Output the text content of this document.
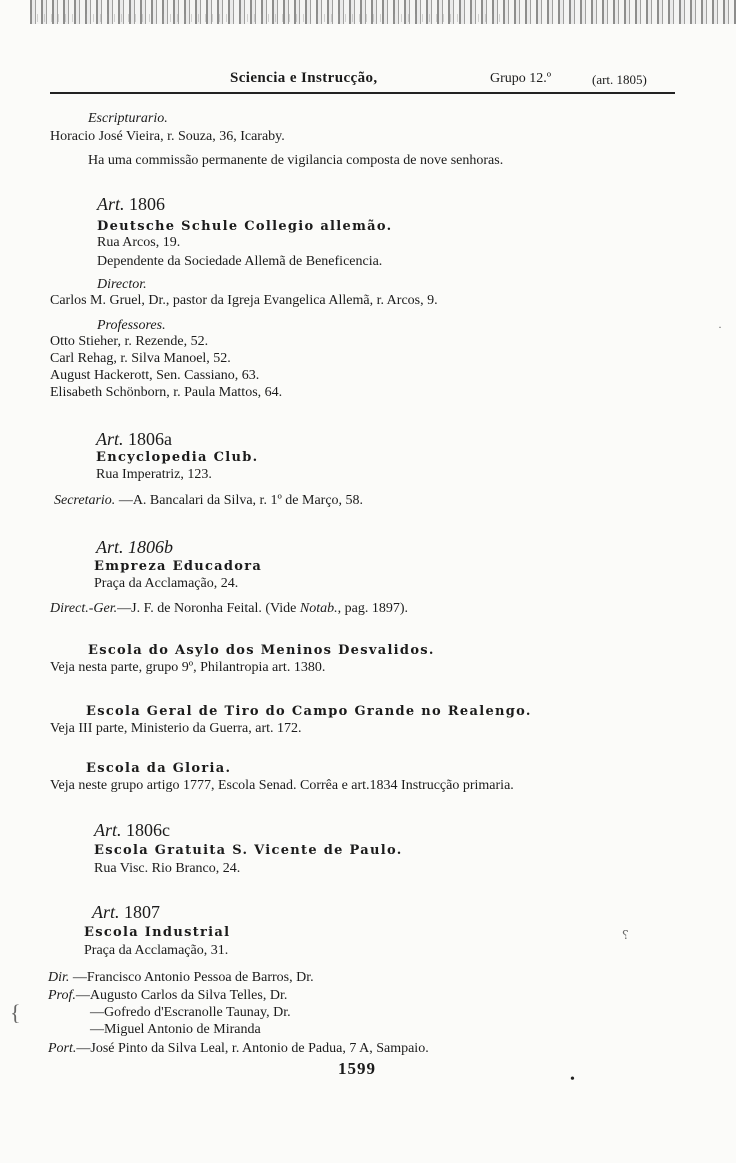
Sciencia e Instrucção,	Grupo 12.º	(art. 1805)
Escripturario.
Horacio José Vieira, r. Souza, 36, Icaraby.
Ha uma commissão permanente de vigilancia composta de nove senhoras.
Art. 1806
Deutsche Schule Collegio allemão.
Rua Arcos, 19.
Dependente da Sociedade Allemã de Beneficencia.
Director.
Carlos M. Gruel, Dr., pastor da Igreja Evangelica Allemã, r. Arcos, 9.
Professores.
Otto Stieher, r. Rezende, 52.
Carl Rehag, r. Silva Manoel, 52.
August Hackerott, Sen. Cassiano, 63.
Elisabeth Schönborn, r. Paula Mattos, 64.
Art. 1806a
Encyclopedia Club.
Rua Imperatriz, 123.
Secretario. —A. Bancalari da Silva, r. 1º de Março, 58.
Art. 1806b
Empreza Educadora
Praça da Acclamação, 24.
Direct.-Ger.—J. F. de Noronha Feital. (Vide Notab., pag. 1897).
Escola do Asylo dos Meninos Desvalidos.
Veja nesta parte, grupo 9º, Philantropia art. 1380.
Escola Geral de Tiro do Campo Grande no Realengo.
Veja III parte, Ministerio da Guerra, art. 172.
Escola da Gloria.
Veja neste grupo artigo 1777, Escola Senad. Corrêa e art.1834 Instrucção primaria.
Art. 1806c
Escola Gratuita S. Vicente de Paulo.
Rua Visc. Rio Branco, 24.
Art. 1807
Escola Industrial
Praça da Acclamação, 31.
Dir. —Francisco Antonio Pessoa de Barros, Dr.
Prof.—Augusto Carlos da Silva Telles, Dr.
—Gofredo d'Escranolle Taunay, Dr.
—Miguel Antonio de Miranda
Port.—José Pinto da Silva Leal, r. Antonio de Padua, 7 A, Sampaio.
1599
·
⸮
{
•
